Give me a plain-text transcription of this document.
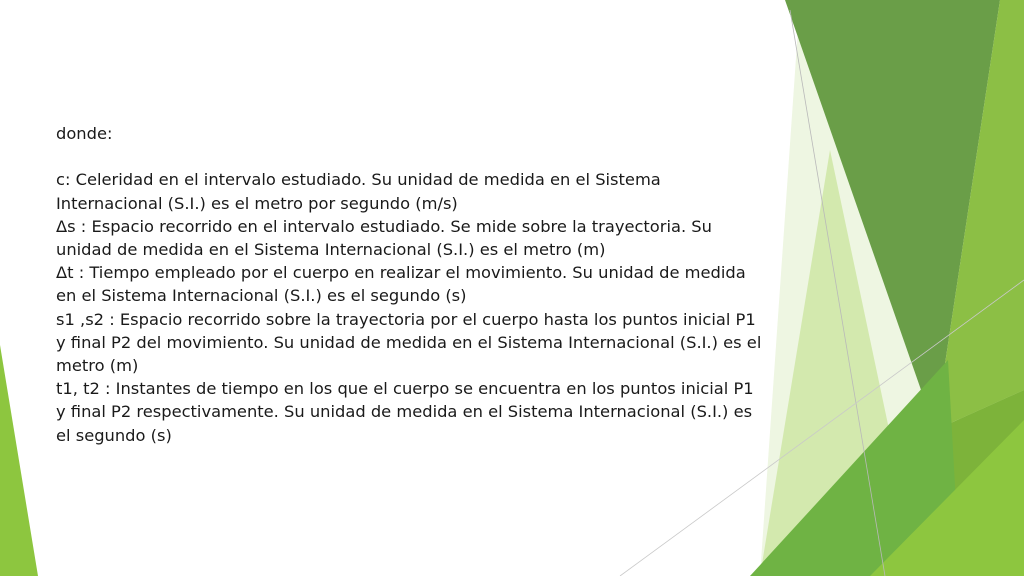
donde:

c: Celeridad en el intervalo estudiado. Su unidad de medida en el Sistema Internacional (S.I.) es el metro por segundo (m/s)

Δs : Espacio recorrido en el intervalo estudiado. Se mide sobre la trayectoria. Su unidad de medida en el Sistema Internacional (S.I.) es el metro (m)

Δt : Tiempo empleado por el cuerpo en realizar el movimiento. Su unidad de medida en el Sistema Internacional (S.I.) es el segundo (s)

s1 ,s2 : Espacio recorrido sobre la trayectoria por el cuerpo hasta los puntos inicial P1 y final P2 del movimiento. Su unidad de medida en el Sistema Internacional (S.I.) es el metro (m)

t1, t2 : Instantes de tiempo en los que el cuerpo se encuentra en los puntos inicial P1 y final P2 respectivamente. Su unidad de medida en el Sistema Internacional (S.I.) es el segundo (s)
